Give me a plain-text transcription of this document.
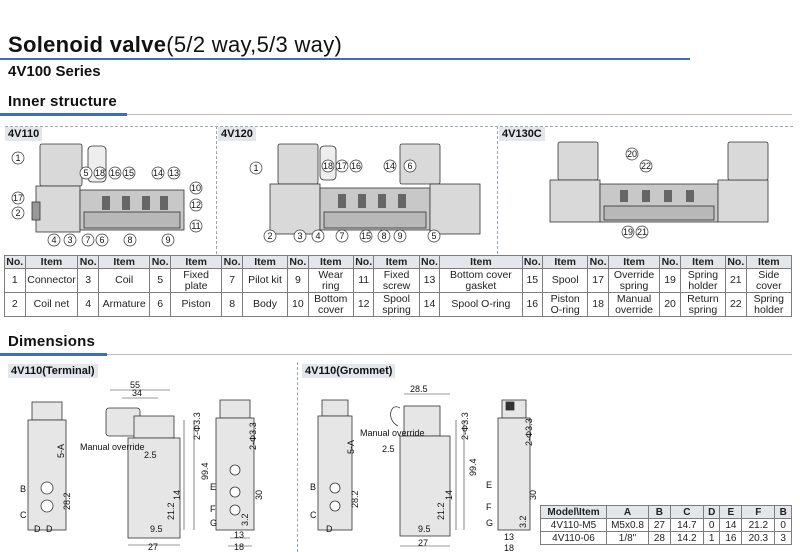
Solenoid valve(5/2 way,5/3 way)
4V100 Series
Inner structure
4V110	4V120	4V130C
1
17
2
5 18 16 15 14 13
10
12
11
4 3 7 6	8	9
1	18 17 16	14 6
2	3 4 7 15 8 9	5
20
22
19 21
No.	Item	No.	Item	No.	Item	No.	Item	No.	Item	No.	Item	No.	Item	No.	Item	No.	Item	No.	Item	No.	Item
1	Connector	3	Coil	5	Fixed plate	7	Pilot kit	9	Wear ring	11	Fixed screw	13	Bottom cover gasket	15	Spool	17	Override spring	19	Spring holder	21	Side cover
2	Coil net	4	Armature	6	Piston	8	Body	10	Bottom cover	12	Spool spring	14	Spool O-ring	16	Piston O-ring	18	Manual override	20	Return spring	22	Spring holder
Dimensions
4V110(Terminal)	4V110(Grommet)
55
34
Manual override
2.5
2-Φ3.3
99.4
5-A
B
C
28.2	14
21.2
30
2-Φ3.3
E
F
G
9.5
27
13
18
3.2
D D
28.5
Manual override
2.5
2-Φ3.3
99.4
5-A
B
C
28.2	14
21.2
30
2-Φ3.3
E
F
G
9.5
27
13
18
3.2
D
Model\Item	A	B	C	D	E	F	B
4V110-M5	M5x0.8	27	14.7	0	14	21.2	0
4V110-06	1/8"	28	14.2	1	16	20.3	3
